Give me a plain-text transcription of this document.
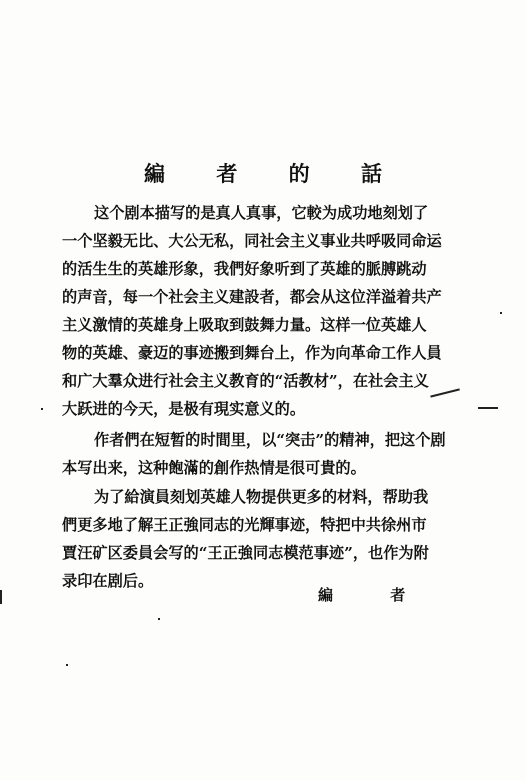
編 者 的 話

这个剧本描写的是真人真事，它較为成功地刻划了
一个坚毅无比、大公无私，同社会主义事业共呼吸同命运
的活生生的英雄形象，我們好象听到了英雄的脈膊跳动
的声音，每一个社会主义建設者，都会从这位洋溢着共产
主义激情的英雄身上吸取到鼓舞力量。这样一位英雄人
物的英雄、豪迈的事迹搬到舞台上，作为向革命工作人員
和广大羣众进行社会主义教育的“活教材”，在社会主义
大跃进的今天，是极有現实意义的。

作者們在短暂的时間里，以“突击”的精神，把这个剧
本写出来，这种飽滿的創作热情是很可貴的。

为了給演員刻划英雄人物提供更多的材料，帮助我
們更多地了解王正強同志的光輝事迹，特把中共徐州市
賈汪矿区委員会写的“王正強同志模范事迹”，也作为附
录印在剧后。

編 者
